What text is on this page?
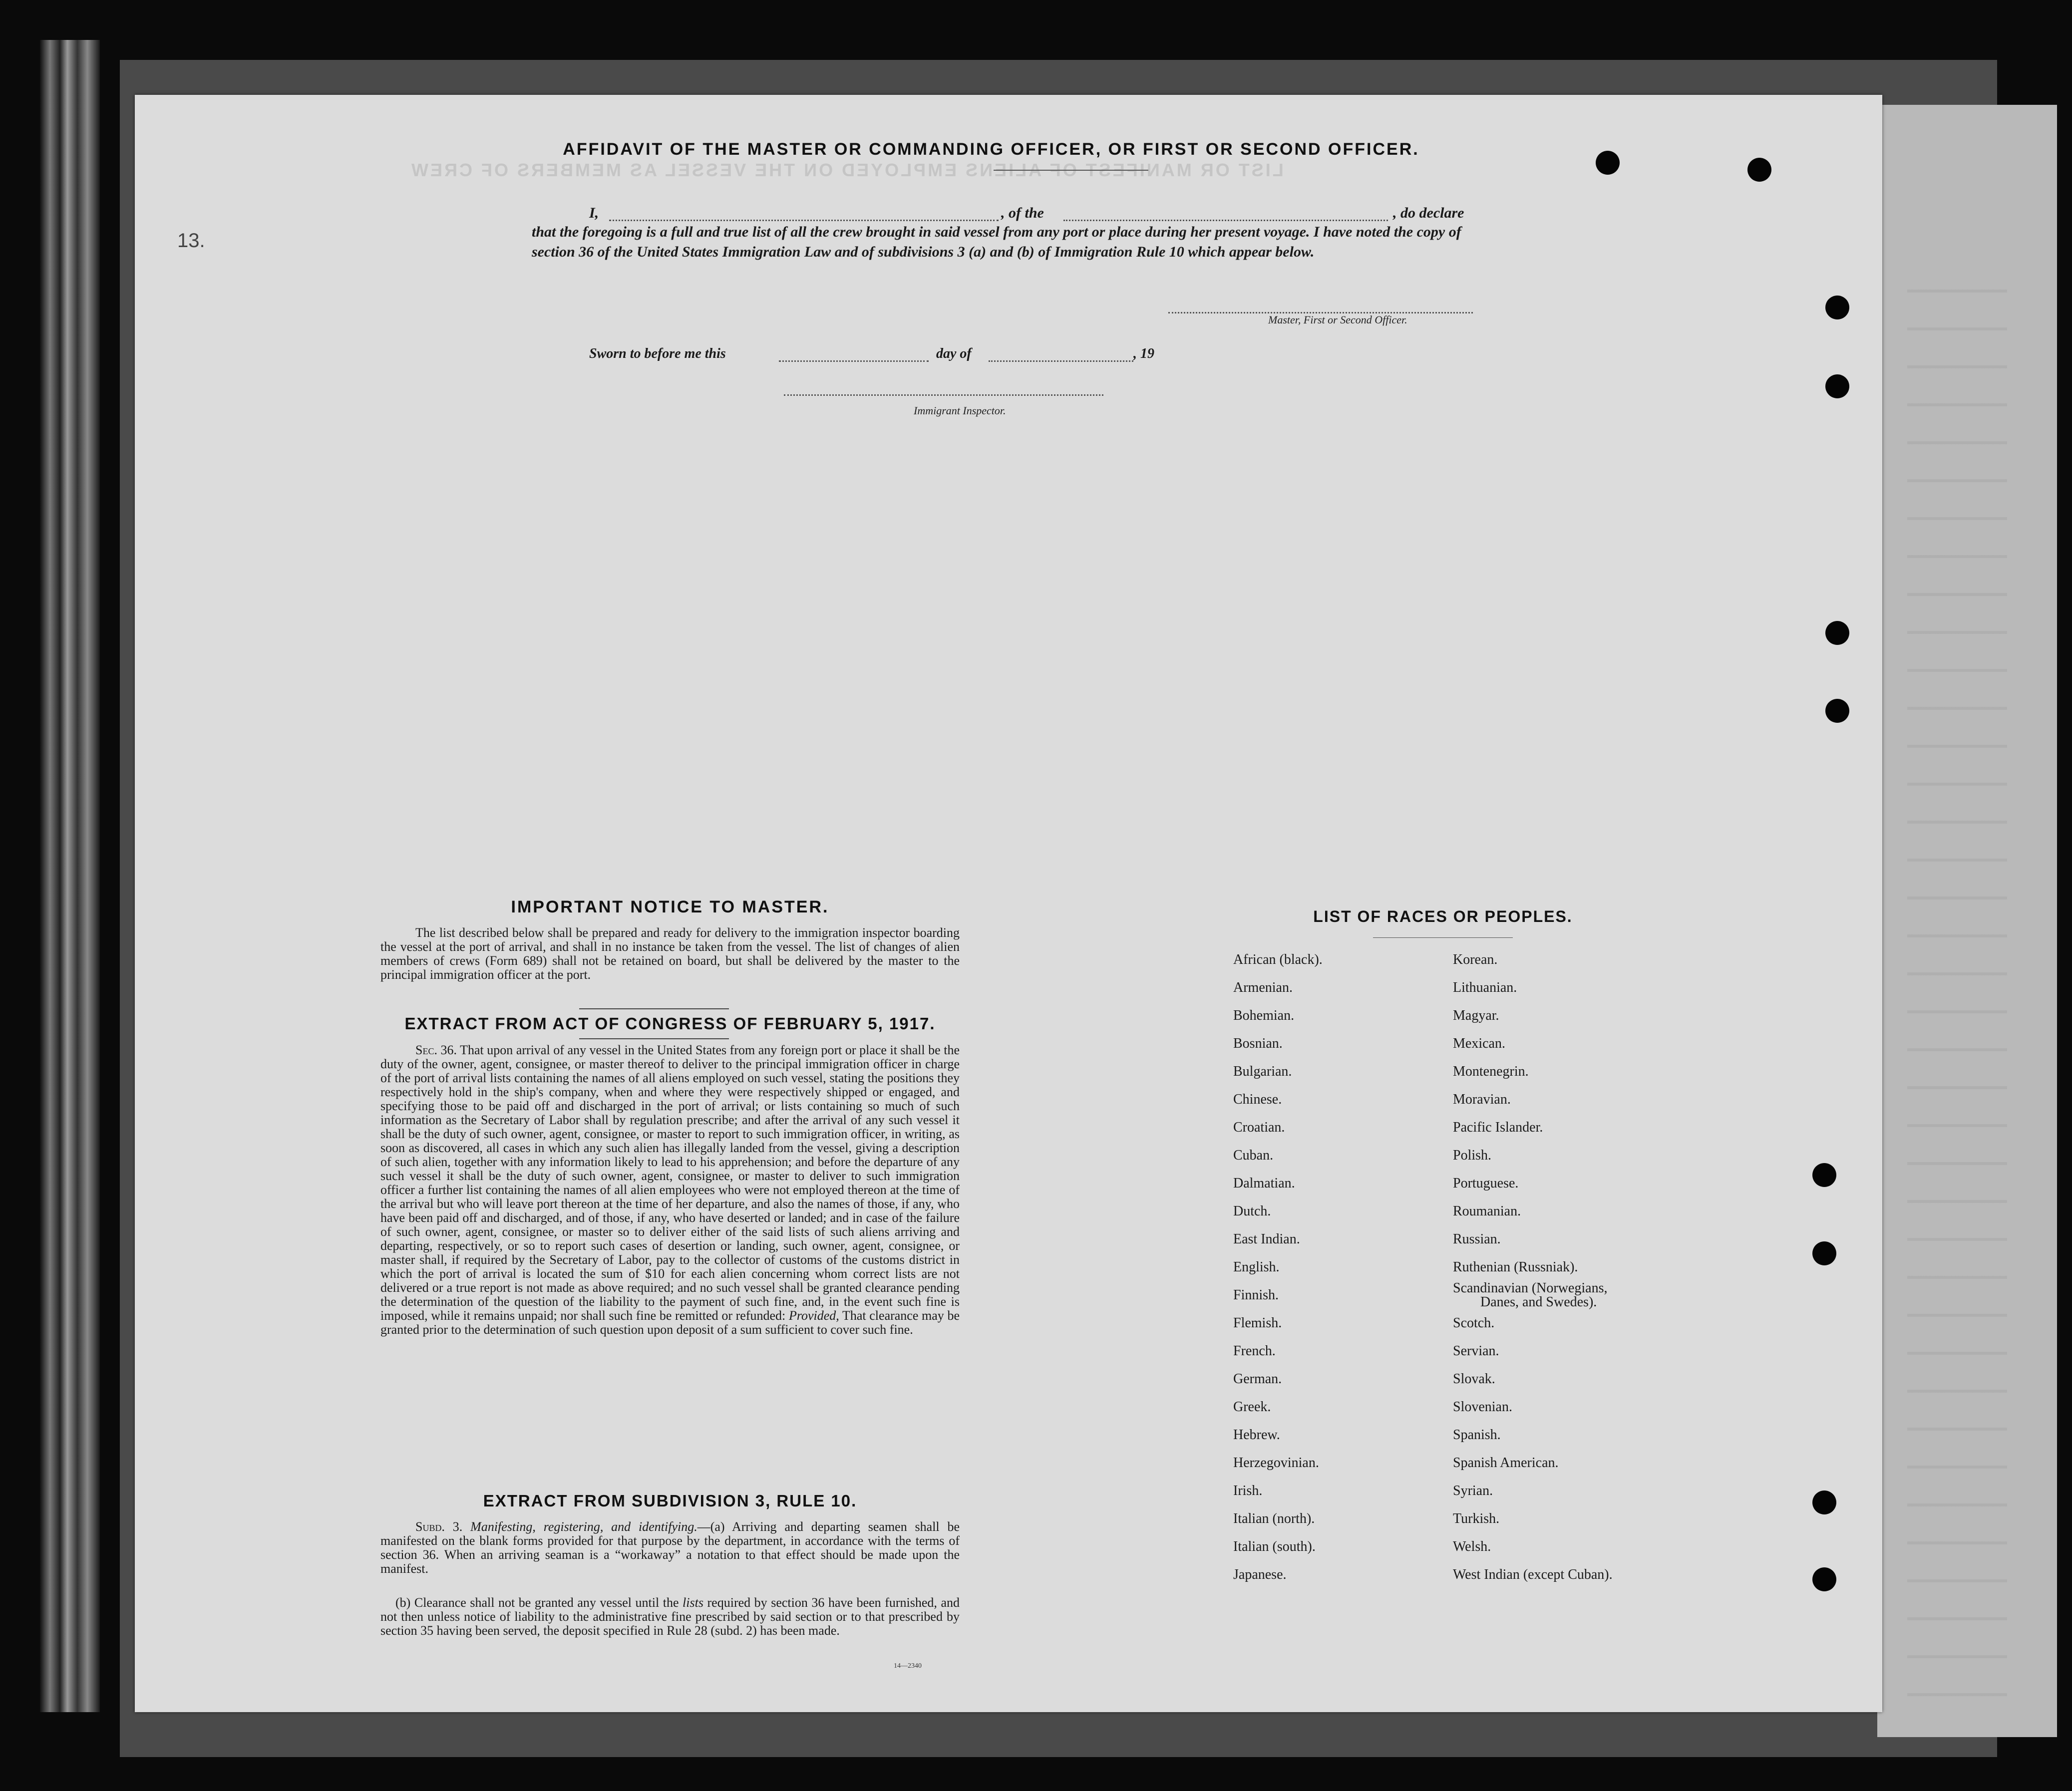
LIST OR MANIFEST OF ALIENS EMPLOYED ON THE VESSEL AS MEMBERS OF CREW
13.
AFFIDAVIT OF THE MASTER OR COMMANDING OFFICER, OR FIRST OR SECOND OFFICER.
I,	, of the	, do declare
that the foregoing is a full and true list of all the crew brought in said vessel from any port or place during her present voyage. I have noted the copy of section 36 of the United States Immigration Law and of subdivisions 3 (a) and (b) of Immigration Rule 10 which appear below.
Master, First or Second Officer.
Sworn to before me this	day of	, 19
Immigrant Inspector.
IMPORTANT NOTICE TO MASTER.
The list described below shall be prepared and ready for delivery to the immigration inspector boarding the vessel at the port of arrival, and shall in no instance be taken from the vessel. The list of changes of alien members of crews (Form 689) shall not be retained on board, but shall be delivered by the master to the principal immigration officer at the port.
EXTRACT FROM ACT OF CONGRESS OF FEBRUARY 5, 1917.
Sec. 36. That upon arrival of any vessel in the United States from any foreign port or place it shall be the duty of the owner, agent, consignee, or master thereof to deliver to the principal immigration officer in charge of the port of arrival lists containing the names of all aliens employed on such vessel, stating the positions they respectively hold in the ship's company, when and where they were respectively shipped or engaged, and specifying those to be paid off and discharged in the port of arrival; or lists containing so much of such information as the Secretary of Labor shall by regulation prescribe; and after the arrival of any such vessel it shall be the duty of such owner, agent, consignee, or master to report to such immigration officer, in writing, as soon as discovered, all cases in which any such alien has illegally landed from the vessel, giving a description of such alien, together with any information likely to lead to his apprehension; and before the departure of any such vessel it shall be the duty of such owner, agent, consignee, or master to deliver to such immigration officer a further list containing the names of all alien employees who were not employed thereon at the time of the arrival but who will leave port thereon at the time of her departure, and also the names of those, if any, who have been paid off and discharged, and of those, if any, who have deserted or landed; and in case of the failure of such owner, agent, consignee, or master so to deliver either of the said lists of such aliens arriving and departing, respectively, or so to report such cases of desertion or landing, such owner, agent, consignee, or master shall, if required by the Secretary of Labor, pay to the collector of customs of the customs district in which the port of arrival is located the sum of $10 for each alien concerning whom correct lists are not delivered or a true report is not made as above required; and no such vessel shall be granted clearance pending the determination of the question of the liability to the payment of such fine, and, in the event such fine is imposed, while it remains unpaid; nor shall such fine be remitted or refunded: Provided, That clearance may be granted prior to the determination of such question upon deposit of a sum sufficient to cover such fine.
EXTRACT FROM SUBDIVISION 3, RULE 10.
Subd. 3. Manifesting, registering, and identifying.—(a) Arriving and departing seamen shall be manifested on the blank forms provided for that purpose by the department, in accordance with the terms of section 36. When an arriving seaman is a “workaway” a notation to that effect should be made upon the manifest.
(b) Clearance shall not be granted any vessel until the lists required by section 36 have been furnished, and not then unless notice of liability to the administrative fine prescribed by said section or to that prescribed by section 35 having been served, the deposit specified in Rule 28 (subd. 2) has been made.
14—2340
LIST OF RACES OR PEOPLES.
African (black).
Armenian.
Bohemian.
Bosnian.
Bulgarian.
Chinese.
Croatian.
Cuban.
Dalmatian.
Dutch.
East Indian.
English.
Finnish.
Flemish.
French.
German.
Greek.
Hebrew.
Herzegovinian.
Irish.
Italian (north).
Italian (south).
Japanese.
Korean.
Lithuanian.
Magyar.
Mexican.
Montenegrin.
Moravian.
Pacific Islander.
Polish.
Portuguese.
Roumanian.
Russian.
Ruthenian (Russniak).
Scandinavian (Norwegians,
Scotch.
Servian.
Slovak.
Slovenian.
Spanish.
Spanish American.
Syrian.
Turkish.
Welsh.
West Indian (except Cuban).
Danes, and Swedes).
